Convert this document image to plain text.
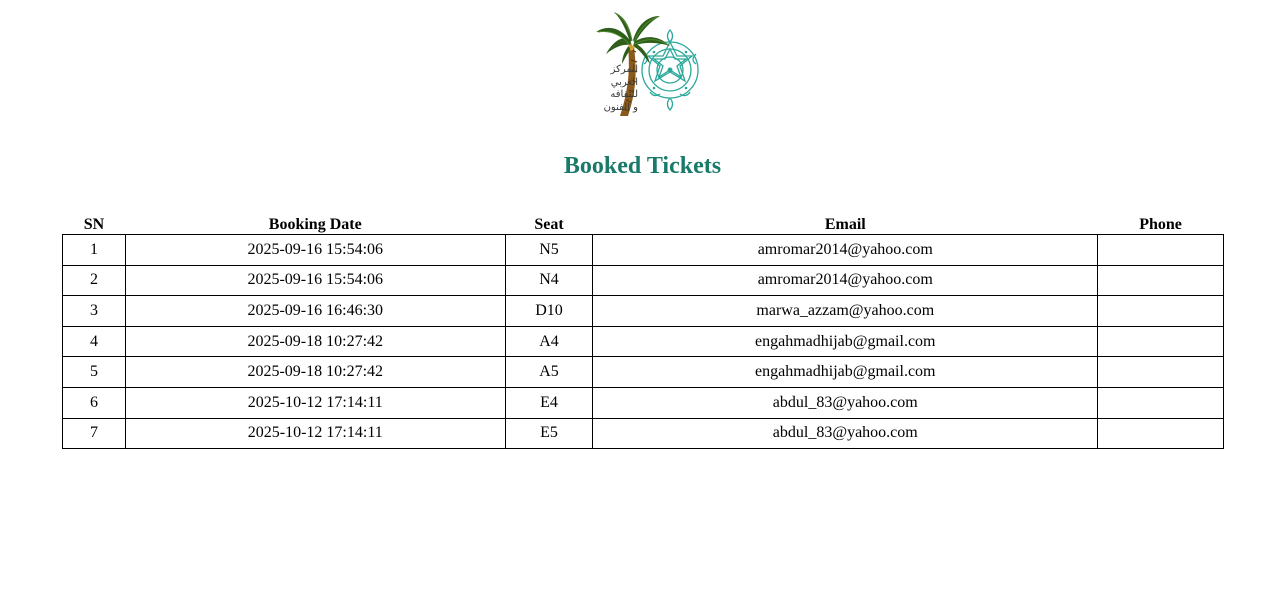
المركز
العربي
للثقافه
و الفنون
Booked Tickets
SN	Booking Date	Seat	Email	Phone
1	2025-09-16 15:54:06	N5	amromar2014@yahoo.com	
2	2025-09-16 15:54:06	N4	amromar2014@yahoo.com	
3	2025-09-16 16:46:30	D10	marwa_azzam@yahoo.com	
4	2025-09-18 10:27:42	A4	engahmadhijab@gmail.com	
5	2025-09-18 10:27:42	A5	engahmadhijab@gmail.com	
6	2025-10-12 17:14:11	E4	abdul_83@yahoo.com	
7	2025-10-12 17:14:11	E5	abdul_83@yahoo.com	
